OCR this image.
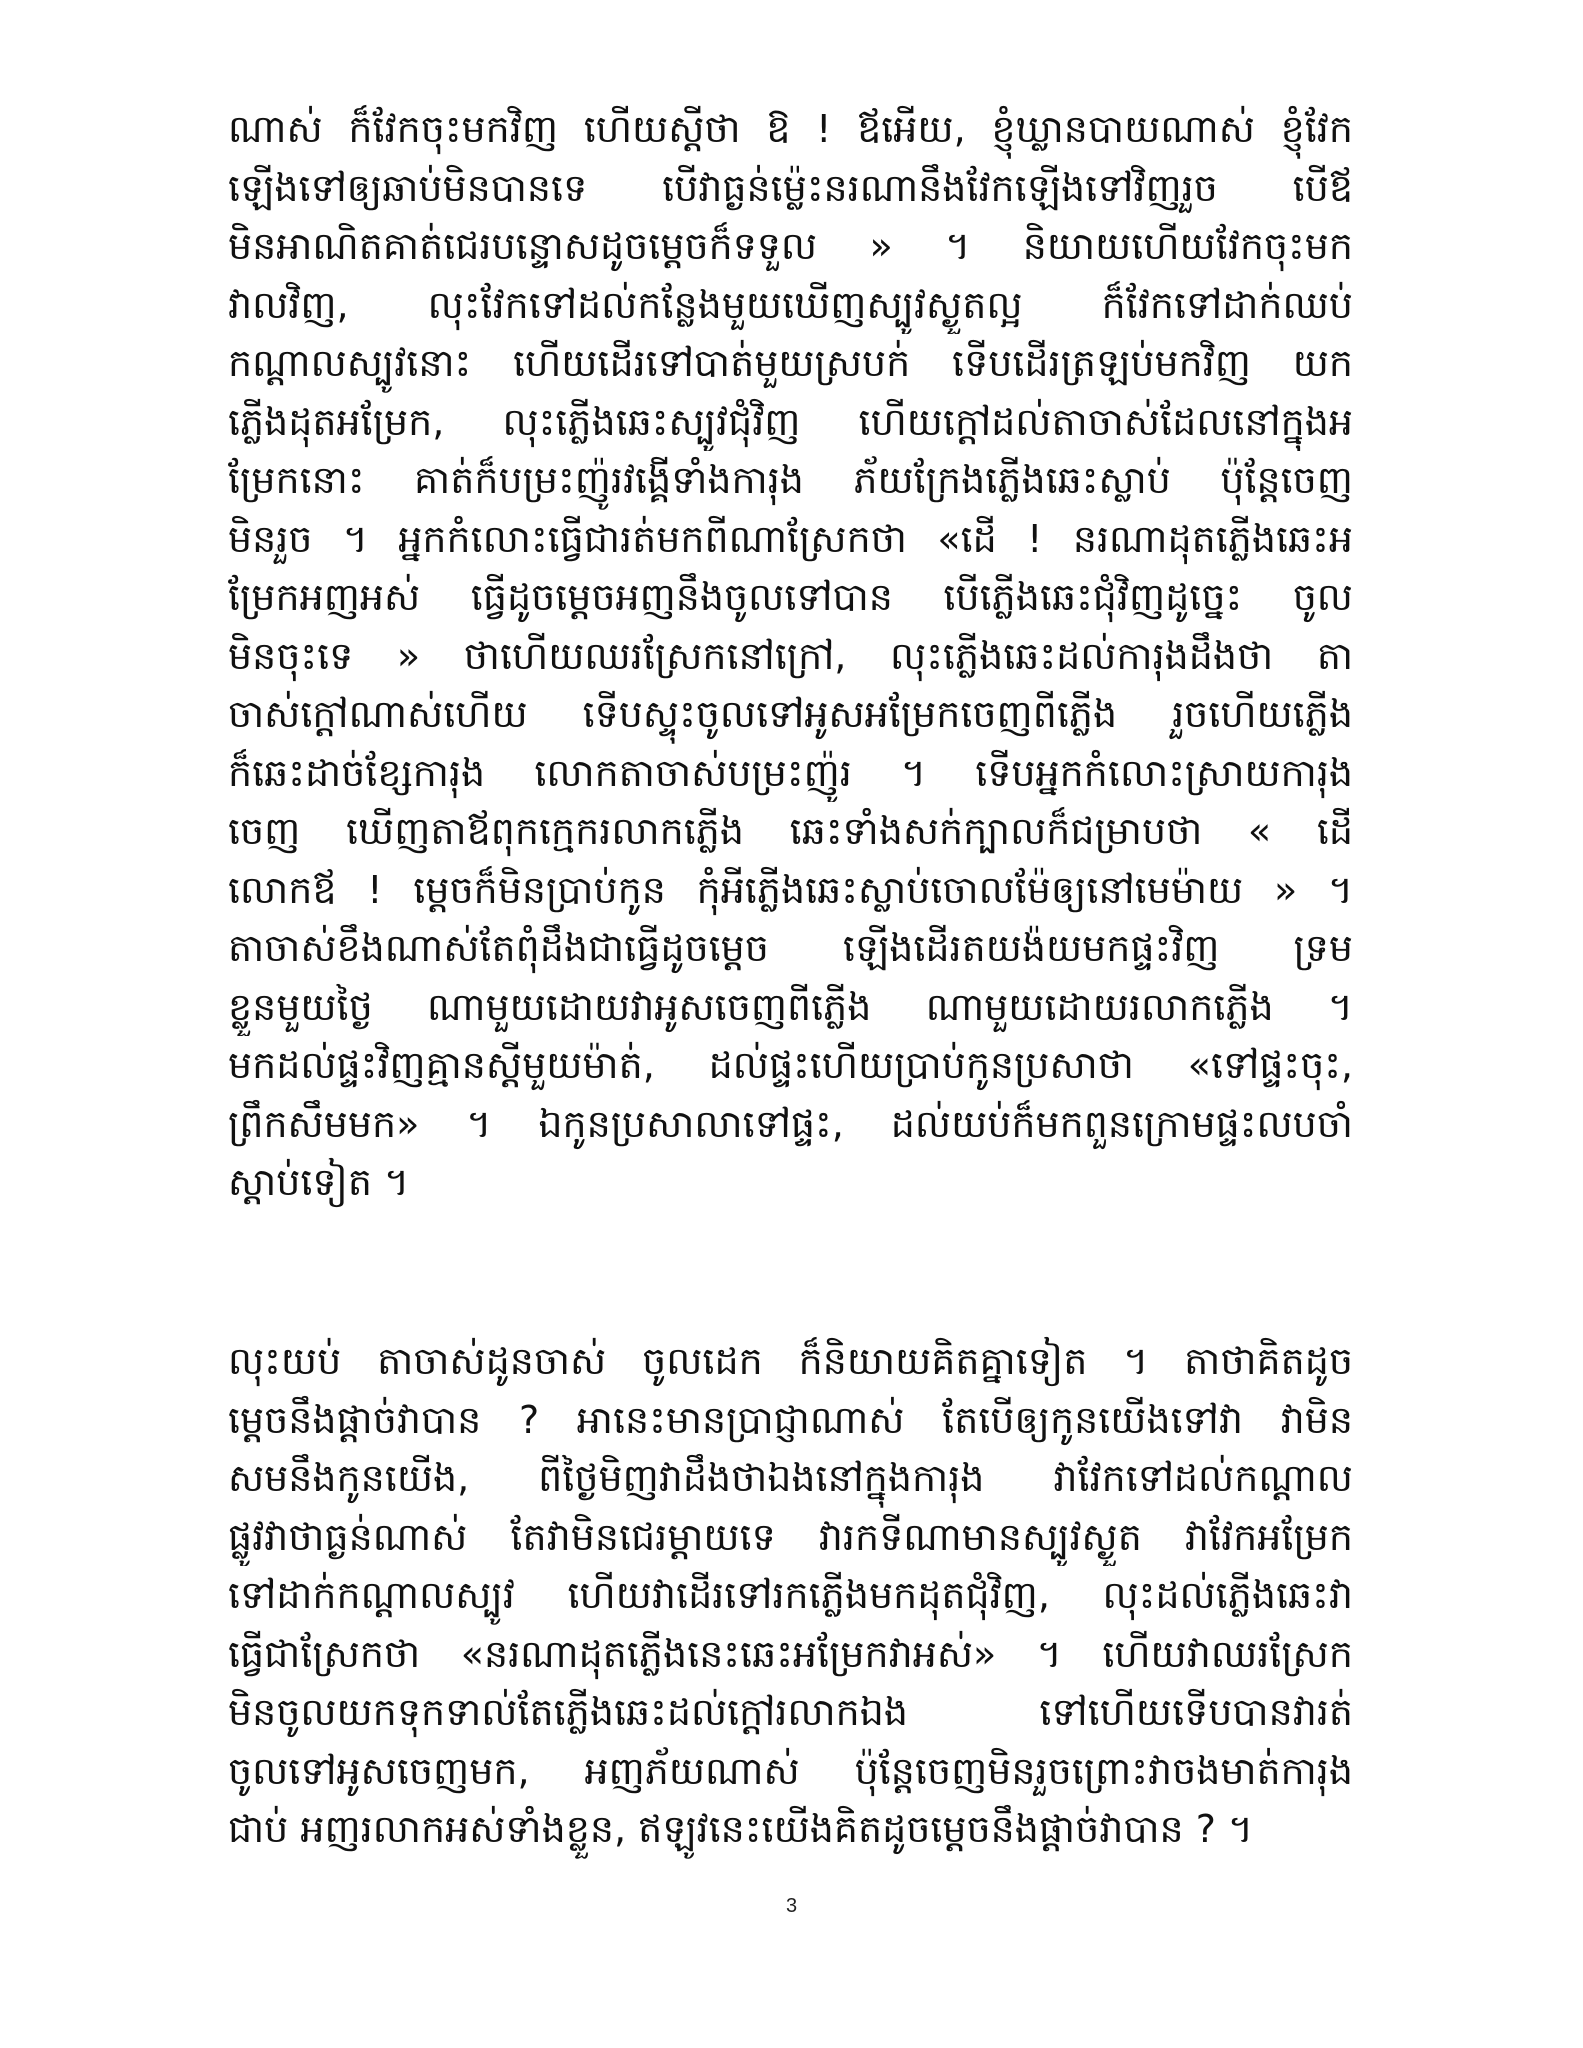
ណាស់ ក៏វែកចុះមកវិញ ហើយស្ដីថា ឱ ! ឪអើយ, ខ្ញុំឃ្លានបាយណាស់ ខ្ញុំវែក
ឡើងទៅឲ្យឆាប់មិនបានទេ បើវាធ្ងន់ម្ល៉េះនរណានឹងវែកឡើងទៅវិញរួច បើឪ
មិនអាណិតគាត់ជេរបន្ទោសដូចម្ដេចក៏ទទួល » ។ និយាយហើយវែកចុះមក
វាលវិញ, លុះវែកទៅដល់កន្លែងមួយឃើញស្បូវស្ងួតល្អ ក៏វែកទៅដាក់ឈប់
កណ្ដាលស្បូវនោះ ហើយដើរទៅបាត់មួយស្របក់ ទើបដើរត្រឡប់មកវិញ យក
ភ្លើងដុតអម្រែក, លុះភ្លើងឆេះស្បូវជុំវិញ ហើយក្ដៅដល់តាចាស់ដែលនៅក្នុងអ
ម្រែកនោះ គាត់ក៏បម្រះញ៉ូរវង្គើទាំងការុង ភ័យក្រែងភ្លើងឆេះស្លាប់ ប៉ុន្តែចេញ
មិនរួច ។ អ្នកកំលោះធ្វើជារត់មកពីណាស្រែកថា «ដើ ! នរណាដុតភ្លើងឆេះអ
ម្រែកអញអស់ ធ្វើដូចម្ដេចអញនឹងចូលទៅបាន បើភ្លើងឆេះជុំវិញដូច្នេះ ចូល
មិនចុះទេ » ថាហើយឈរស្រែកនៅក្រៅ, លុះភ្លើងឆេះដល់ការុងដឹងថា តា
ចាស់ក្ដៅណាស់ហើយ ទើបស្ទុះចូលទៅអូសអម្រែកចេញពីភ្លើង រួចហើយភ្លើង
ក៏ឆេះដាច់ខ្សែការុង លោកតាចាស់បម្រះញ៉ូរ ។ ទើបអ្នកកំលោះស្រាយការុង
ចេញ ឃើញតាឪពុកក្មេករលាកភ្លើង ឆេះទាំងសក់ក្បាលក៏ជម្រាបថា « ដើ
លោកឪ ! ម្ដេចក៏មិនប្រាប់កូន កុំអីភ្លើងឆេះស្លាប់ចោលម៉ែឲ្យនៅមេម៉ាយ » ។
តាចាស់ខឹងណាស់តែពុំដឹងជាធ្វើដូចម្ដេច ឡើងដើរតយង៉យមកផ្ទះវិញ ទ្រម
ខ្លួនមួយថ្ងៃ ណាមួយដោយវាអូសចេញពីភ្លើង ណាមួយដោយរលាកភ្លើង ។
មកដល់ផ្ទះវិញគ្មានស្ដីមួយម៉ាត់, ដល់ផ្ទះហើយប្រាប់កូនប្រសាថា «ទៅផ្ទះចុះ,
ព្រឹកសឹមមក» ។ ឯកូនប្រសាលាទៅផ្ទះ, ដល់យប់ក៏មកពួនក្រោមផ្ទះលបចាំ
ស្ដាប់ទៀត ។
លុះយប់ តាចាស់ដូនចាស់ ចូលដេក ក៏និយាយគិតគ្នាទៀត ។ តាថាគិតដូច
ម្ដេចនឹងផ្ដាច់វាបាន ? អានេះមានប្រាជ្ញាណាស់ តែបើឲ្យកូនយើងទៅវា វាមិន
សមនឹងកូនយើង, ពីថ្ងៃមិញវាដឹងថាឯងនៅក្នុងការុង វាវែកទៅដល់កណ្ដាល
ផ្លូវវាថាធ្ងន់ណាស់ តែវាមិនជេរម្ដាយទេ វារកទីណាមានស្បូវស្ងួត វាវែកអម្រែក
ទៅដាក់កណ្ដាលស្បូវ ហើយវាដើរទៅរកភ្លើងមកដុតជុំវិញ, លុះដល់ភ្លើងឆេះវា
ធ្វើជាស្រែកថា «នរណាដុតភ្លើងនេះឆេះអម្រែកវាអស់» ។ ហើយវាឈរស្រែក
មិនចូលយកទុកទាល់តែភ្លើងឆេះដល់ក្ដៅរលាកឯង ទៅហើយទើបបានវារត់
ចូលទៅអូសចេញមក, អញភ័យណាស់ ប៉ុន្តែចេញមិនរួចព្រោះវាចងមាត់ការុង
ជាប់ អញរលាកអស់ទាំងខ្លួន, ឥឡូវនេះយើងគិតដូចម្ដេចនឹងផ្ដាច់វាបាន ? ។
3
